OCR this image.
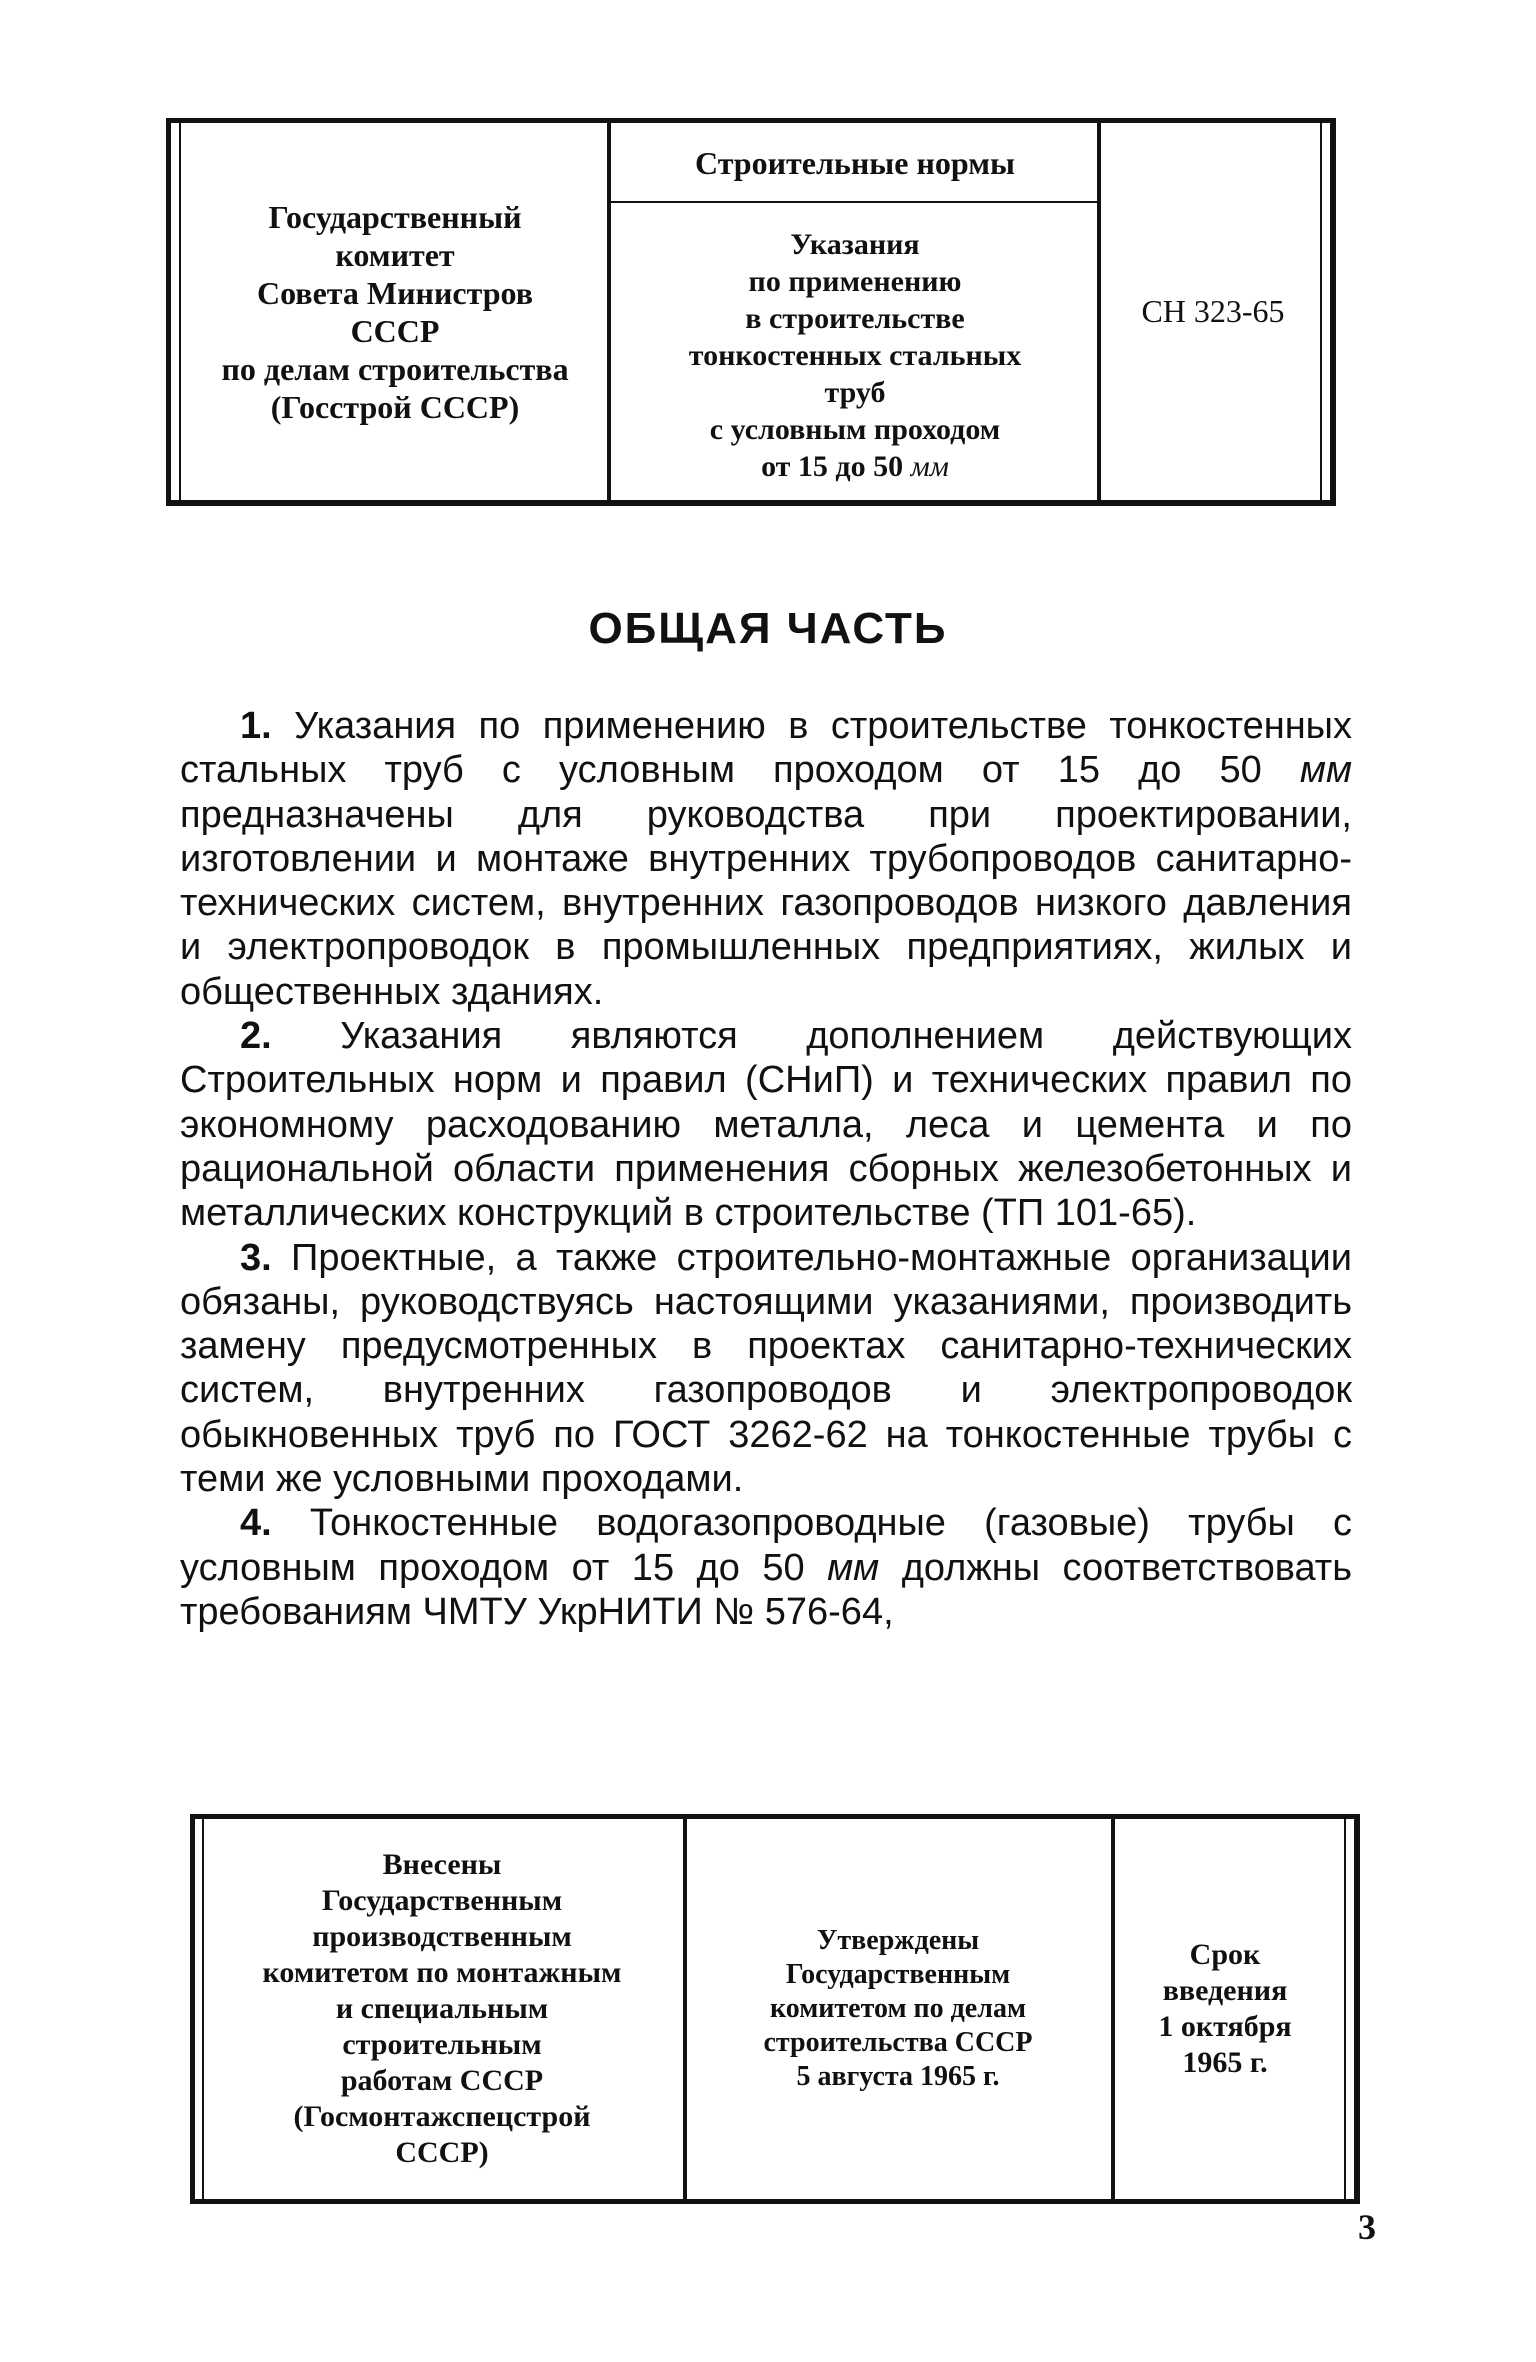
Государственный
комитет
Совета Министров
СССР
по делам строительства
(Госстрой СССР)
Строительные нормы
Указания
по применению
в строительстве
тонкостенных стальных
труб
с условным проходом
от 15 до 50 мм
СН 323-65
ОБЩАЯ ЧАСТЬ

1. Указания по применению в строительстве тонкостенных стальных труб с условным проходом от 15 до 50 мм предназначены для руководства при проектировании, изготовлении и монтаже внутренних трубопроводов санитарно-технических систем, внутренних газопроводов низкого давления и электропроводок в промышленных предприятиях, жилых и общественных зданиях.

2. Указания являются дополнением действующих Строительных норм и правил (СНиП) и технических правил по экономному расходованию металла, леса и цемента и по рациональной области применения сборных железобетонных и металлических конструкций в строительстве (ТП 101-65).

3. Проектные, а также строительно-монтажные организации обязаны, руководствуясь настоящими указаниями, производить замену предусмотренных в проектах санитарно-технических систем, внутренних газопроводов и электропроводок обыкновенных труб по ГОСТ 3262-62 на тонкостенные трубы с теми же условными проходами.

4. Тонкостенные водогазопроводные (газовые) трубы с условным проходом от 15 до 50 мм должны соответствовать требованиям ЧМТУ УкрНИТИ № 576-64,

Внесены
Государственным
производственным
комитетом по монтажным
и специальным
строительным
работам СССР
(Госмонтажспецстрой
СССР)
Утверждены
Государственным
комитетом по делам
строительства СССР
5 августа 1965 г.
Срок
введения
1 октября
1965 г.
3
